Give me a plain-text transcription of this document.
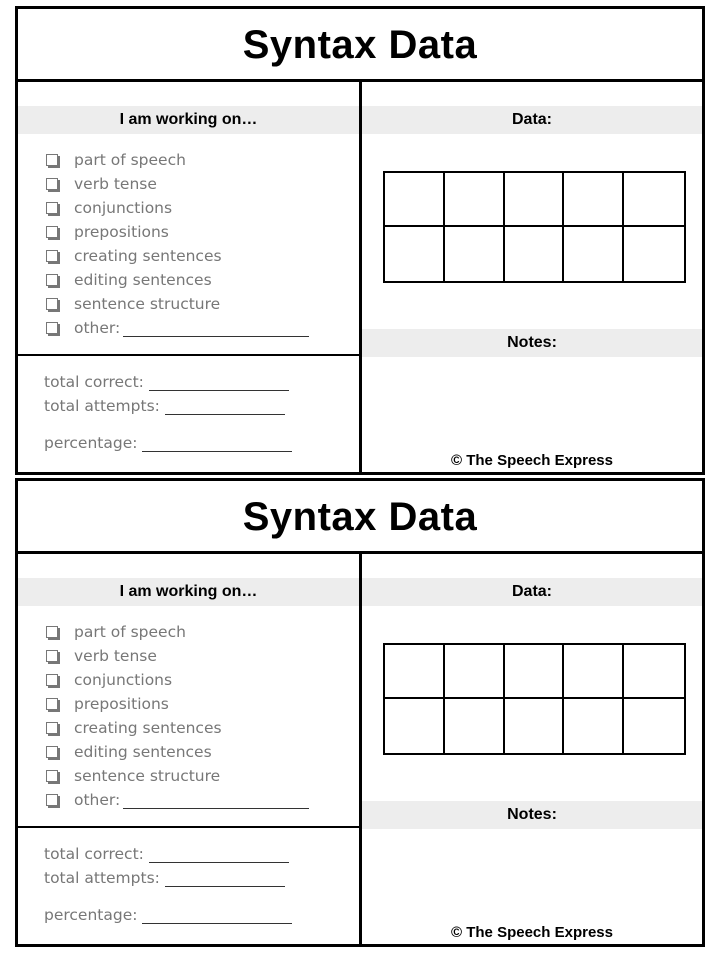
Syntax Data
I am working on…
part of speech
verb tense
conjunctions
prepositions
creating sentences
editing sentences
sentence structure
other:
total correct:
total attempts:
percentage:
Data:
Notes:
© The Speech Express
Syntax Data
I am working on…
part of speech
verb tense
conjunctions
prepositions
creating sentences
editing sentences
sentence structure
other:
total correct:
total attempts:
percentage:
Data:
Notes:
© The Speech Express
